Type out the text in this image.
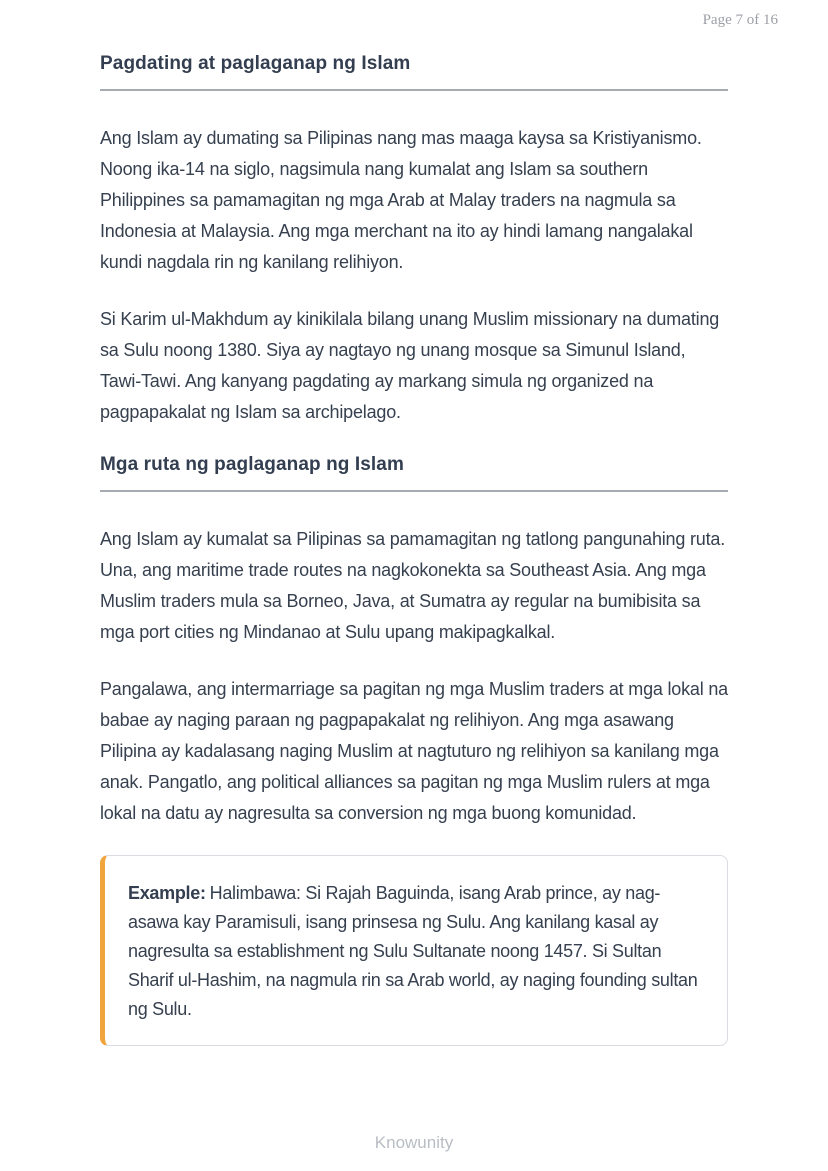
Page 7 of 16
Pagdating at paglaganap ng Islam

Ang Islam ay dumating sa Pilipinas nang mas maaga kaysa sa Kristiyanismo. Noong ika-14 na siglo, nagsimula nang kumalat ang Islam sa southern Philippines sa pamamagitan ng mga Arab at Malay traders na nagmula sa Indonesia at Malaysia. Ang mga merchant na ito ay hindi lamang nangalakal kundi nagdala rin ng kanilang relihiyon.

Si Karim ul-Makhdum ay kinikilala bilang unang Muslim missionary na dumating sa Sulu noong 1380. Siya ay nagtayo ng unang mosque sa Simunul Island, Tawi-Tawi. Ang kanyang pagdating ay markang simula ng organized na pagpapakalat ng Islam sa archipelago.

Mga ruta ng paglaganap ng Islam

Ang Islam ay kumalat sa Pilipinas sa pamamagitan ng tatlong pangunahing ruta. Una, ang maritime trade routes na nagkokonekta sa Southeast Asia. Ang mga Muslim traders mula sa Borneo, Java, at Sumatra ay regular na bumibisita sa mga port cities ng Mindanao at Sulu upang makipagkalkal.

Pangalawa, ang intermarriage sa pagitan ng mga Muslim traders at mga lokal na babae ay naging paraan ng pagpapakalat ng relihiyon. Ang mga asawang Pilipina ay kadalasang naging Muslim at nagtuturo ng relihiyon sa kanilang mga anak. Pangatlo, ang political alliances sa pagitan ng mga Muslim rulers at mga lokal na datu ay nagresulta sa conversion ng mga buong komunidad.

Example: Halimbawa: Si Rajah Baguinda, isang Arab prince, ay nag-asawa kay Paramisuli, isang prinsesa ng Sulu. Ang kanilang kasal ay nagresulta sa establishment ng Sulu Sultanate noong 1457. Si Sultan Sharif ul-Hashim, na nagmula rin sa Arab world, ay naging founding sultan ng Sulu.

Knowunity
